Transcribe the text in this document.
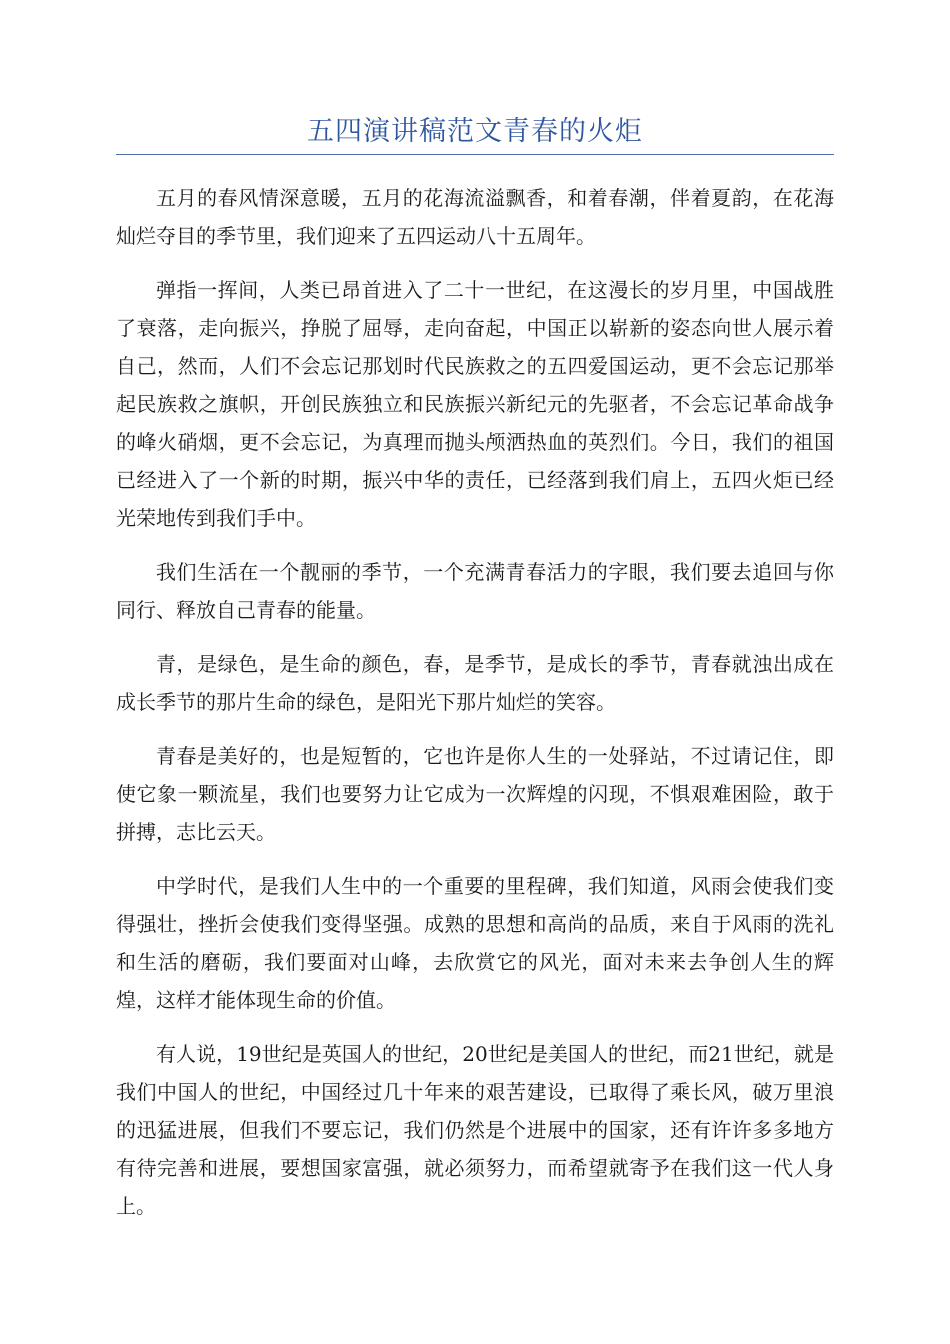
五四演讲稿范文青春的火炬

五月的春风情深意暖，五月的花海流溢飘香，和着春潮，伴着夏韵，在花海灿烂夺目的季节里，我们迎来了五四运动八十五周年。

弹指一挥间，人类已昂首进入了二十一世纪，在这漫长的岁月里，中国战胜了衰落，走向振兴，挣脱了屈辱，走向奋起，中国正以崭新的姿态向世人展示着自己，然而，人们不会忘记那划时代民族救之的五四爱国运动，更不会忘记那举起民族救之旗帜，开创民族独立和民族振兴新纪元的先驱者，不会忘记革命战争的峰火硝烟，更不会忘记，为真理而抛头颅洒热血的英烈们。今日，我们的祖国已经进入了一个新的时期，振兴中华的责任，已经落到我们肩上，五四火炬已经光荣地传到我们手中。

我们生活在一个靓丽的季节，一个充满青春活力的字眼，我们要去追回与你同行、释放自己青春的能量。

青，是绿色，是生命的颜色，春，是季节，是成长的季节，青春就浊出成在成长季节的那片生命的绿色，是阳光下那片灿烂的笑容。

青春是美好的，也是短暂的，它也许是你人生的一处驿站，不过请记住，即使它象一颗流星，我们也要努力让它成为一次辉煌的闪现，不惧艰难困险，敢于拼搏，志比云天。

中学时代，是我们人生中的一个重要的里程碑，我们知道，风雨会使我们变得强壮，挫折会使我们变得坚强。成熟的思想和高尚的品质，来自于风雨的洗礼和生活的磨砺，我们要面对山峰，去欣赏它的风光，面对未来去争创人生的辉煌，这样才能体现生命的价值。

有人说，19世纪是英国人的世纪，20世纪是美国人的世纪，而21世纪，就是我们中国人的世纪，中国经过几十年来的艰苦建设，已取得了乘长风，破万里浪的迅猛进展，但我们不要忘记，我们仍然是个进展中的国家，还有许许多多地方有待完善和进展，要想国家富强，就必须努力，而希望就寄予在我们这一代人身上。
